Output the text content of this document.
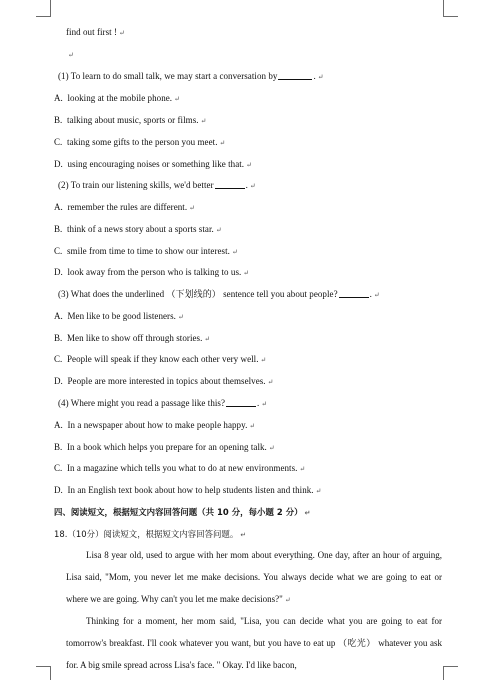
find out first ! ↵
↵
(1) To learn to do small talk, we may start a conversation by	. ↵
A. looking at the mobile phone. ↵
B. talking about music, sports or films. ↵
C. taking some gifts to the person you meet. ↵
D. using encouraging noises or something like that. ↵
(2) To train our listening skills, we'd better	. ↵
A. remember the rules are different. ↵
B. think of a news story about a sports star. ↵
C. smile from time to time to show our interest. ↵
D. look away from the person who is talking to us. ↵
(3) What does the underlined （下划线的） sentence tell you about people?	. ↵
A. Men like to be good listeners. ↵
B. Men like to show off through stories. ↵
C. People will speak if they know each other very well. ↵
D. People are more interested in topics about themselves. ↵
(4) Where might you read a passage like this?	. ↵
A. In a newspaper about how to make people happy. ↵
B. In a book which helps you prepare for an opening talk. ↵
C. In a magazine which tells you what to do at new environments. ↵
D. In an English text book about how to help students listen and think. ↵
四、阅读短文，根据短文内容回答问题（共 10 分，每小题 2 分） ↵
18.（10分）阅读短文，根据短文内容回答问题。 ↵
Lisa 8 year old, used to argue with her mom about everything. One day, after an hour of arguing, Lisa said, "Mom, you never let me make decisions. You always decide what we are going to eat or where we are going. Why can't you let me make decisions?" ↵
Thinking for a moment, her mom said, "Lisa, you can decide what you are going to eat for tomorrow's breakfast. I'll cook whatever you want, but you have to eat up （吃光） whatever you ask for. A big smile spread across Lisa's face. " Okay. I'd like bacon,
